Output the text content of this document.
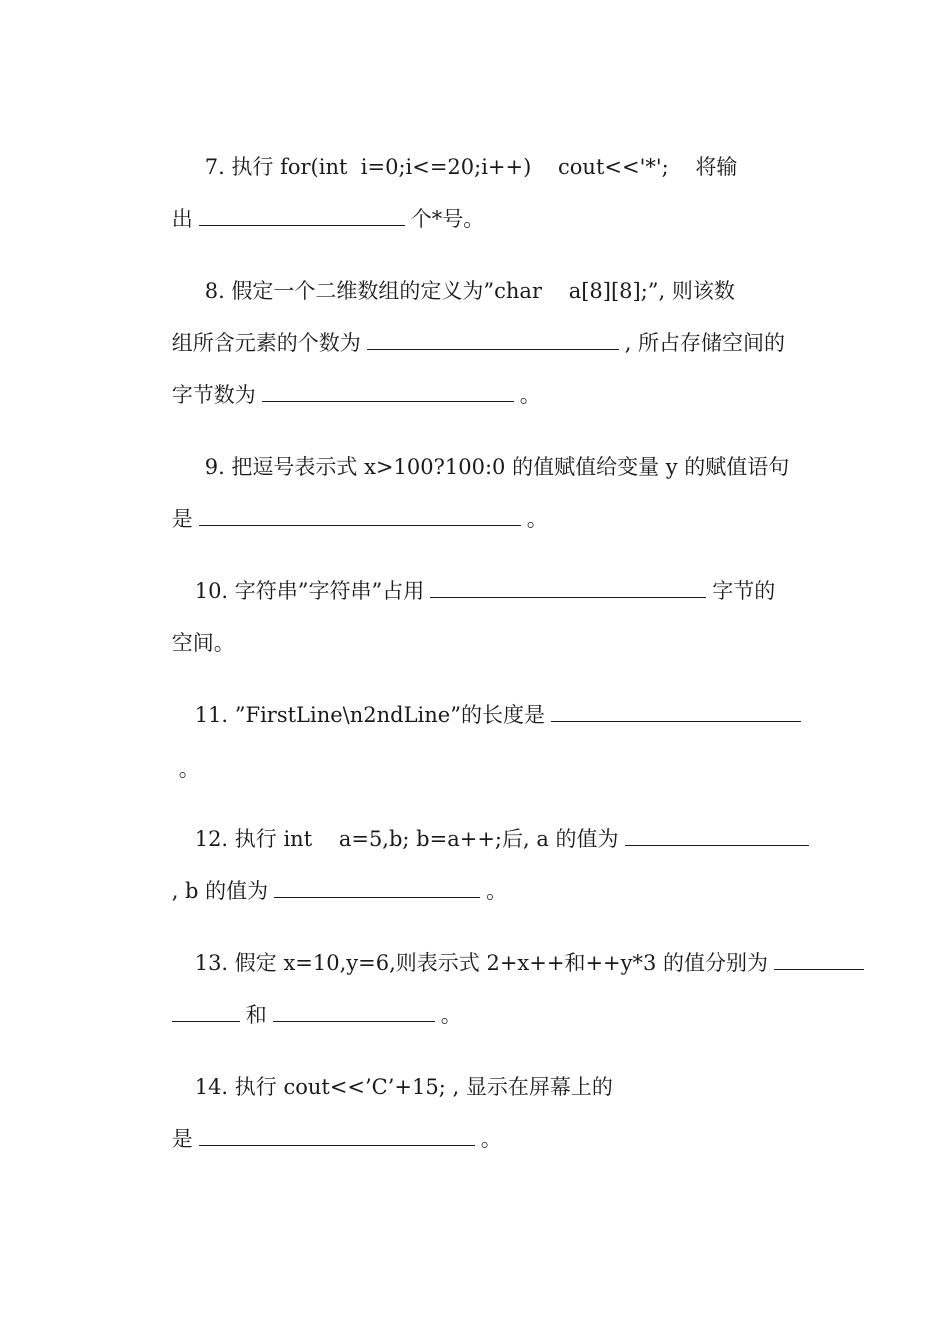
7. 执行 for(int  i=0;i<=20;i++)    cout<<'*';    将输

出	个*号。

8. 假定一个二维数组的定义为”char    a[8][8];”, 则该数

组所含元素的个数为	, 所占存储空间的

字节数为	。

9. 把逗号表示式 x>100?100:0 的值赋值给变量 y 的赋值语句

是	。

10. 字符串”字符串”占用	字节的

空间。

11. ”FirstLine\n2ndLine”的长度是

。

12. 执行 int    a=5,b; b=a++;后, a 的值为

, b 的值为	。

13. 假定 x=10,y=6,则表示式 2+x++和++y*3 的值分别为

和	。

14. 执行 cout<<’C’+15; , 显示在屏幕上的

是	。
